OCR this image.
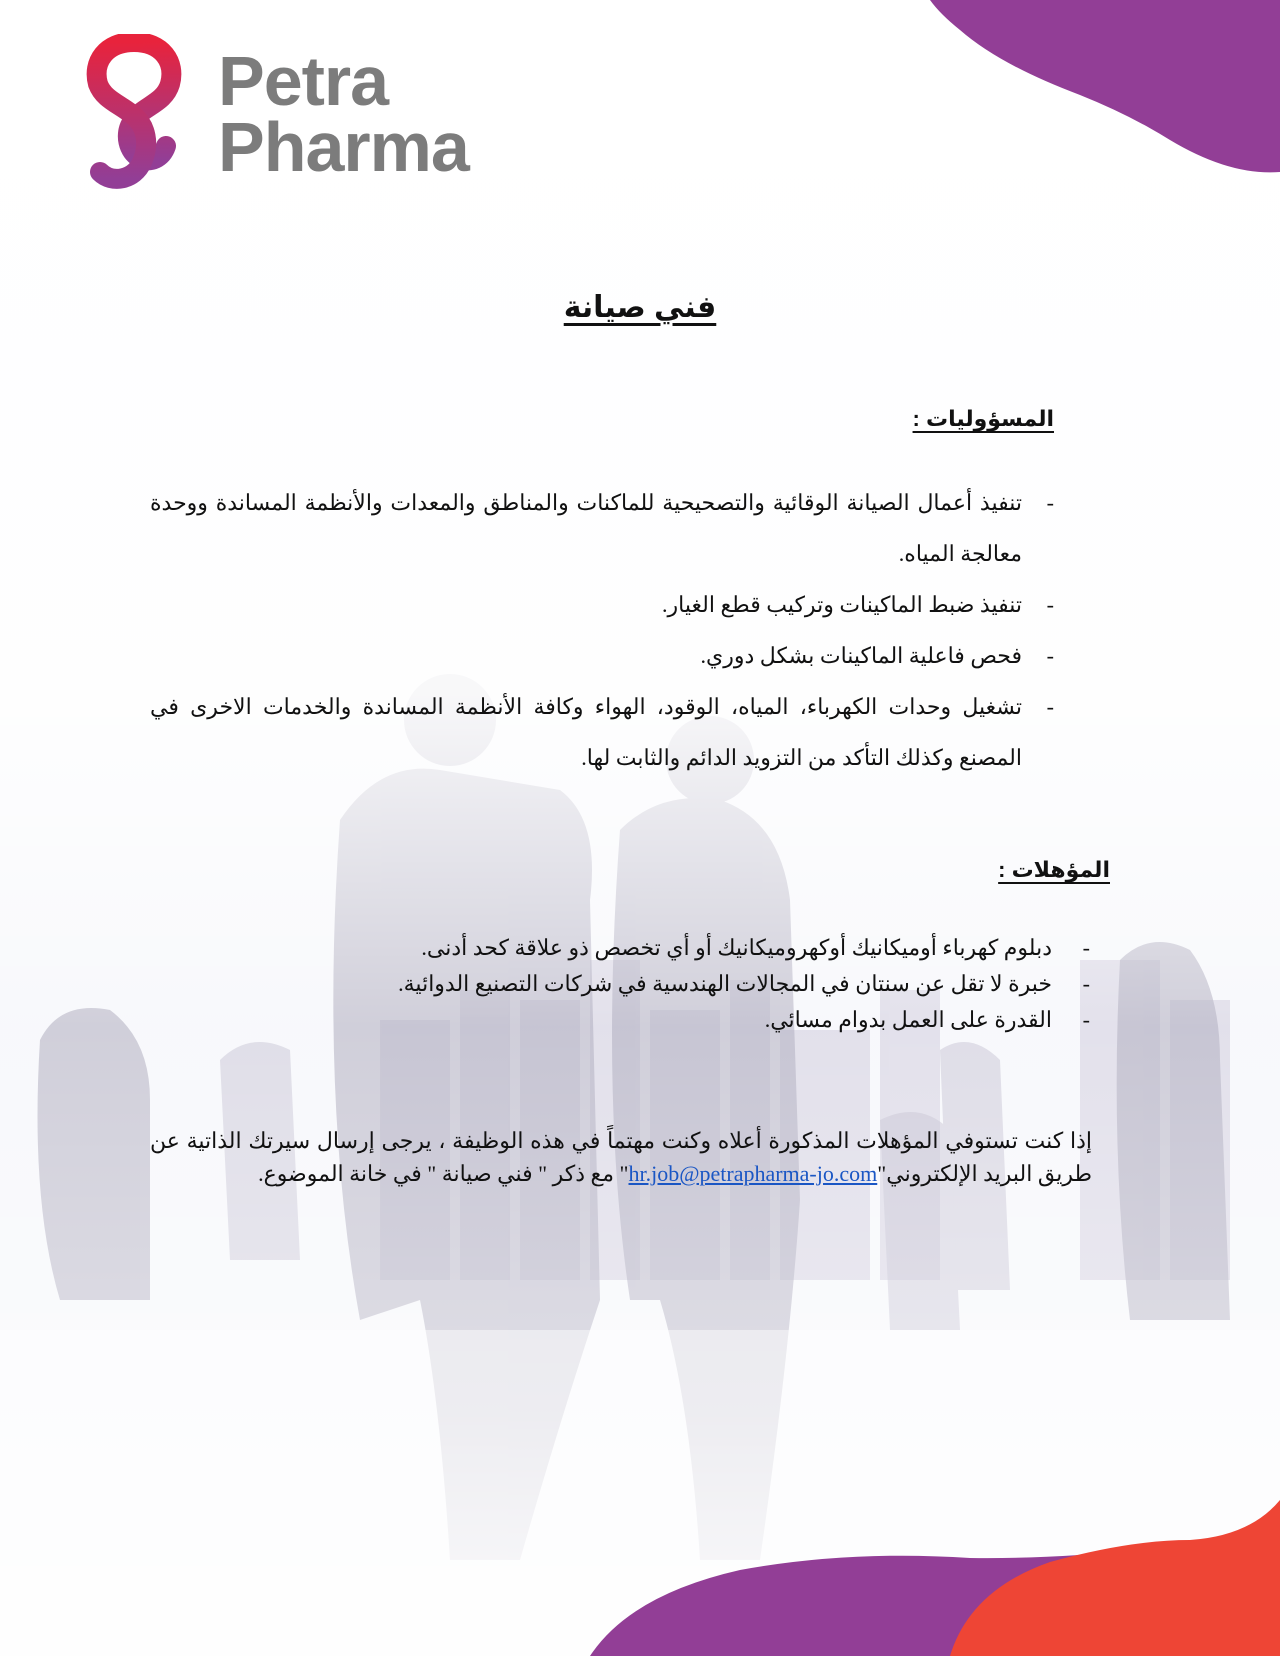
Petra
Pharma
فني صيانة
المسؤوليات :
-
تنفيذ أعمال الصيانة الوقائية والتصحيحية للماكنات والمناطق والمعدات والأنظمة المساندة ووحدة معالجة المياه.
-
تنفيذ ضبط الماكينات وتركيب قطع الغيار.
-
فحص فاعلية الماكينات بشكل دوري.
-
تشغيل وحدات الكهرباء، المياه، الوقود، الهواء وكافة الأنظمة المساندة والخدمات الاخرى في المصنع وكذلك التأكد من التزويد الدائم والثابت لها.
المؤهلات :
-
دبلوم كهرباء أوميكانيك أوكهروميكانيك أو أي تخصص ذو علاقة كحد أدنى.
-
خبرة لا تقل عن سنتان في المجالات الهندسية في شركات التصنيع الدوائية.
-
القدرة على العمل بدوام مسائي.

إذا كنت تستوفي المؤهلات المذكورة أعلاه وكنت مهتماً في هذه الوظيفة ، يرجى إرسال سيرتك الذاتية عن طريق البريد الإلكتروني"hr.job@petrapharma-jo.com" مع ذكر " فني صيانة " في خانة الموضوع.
